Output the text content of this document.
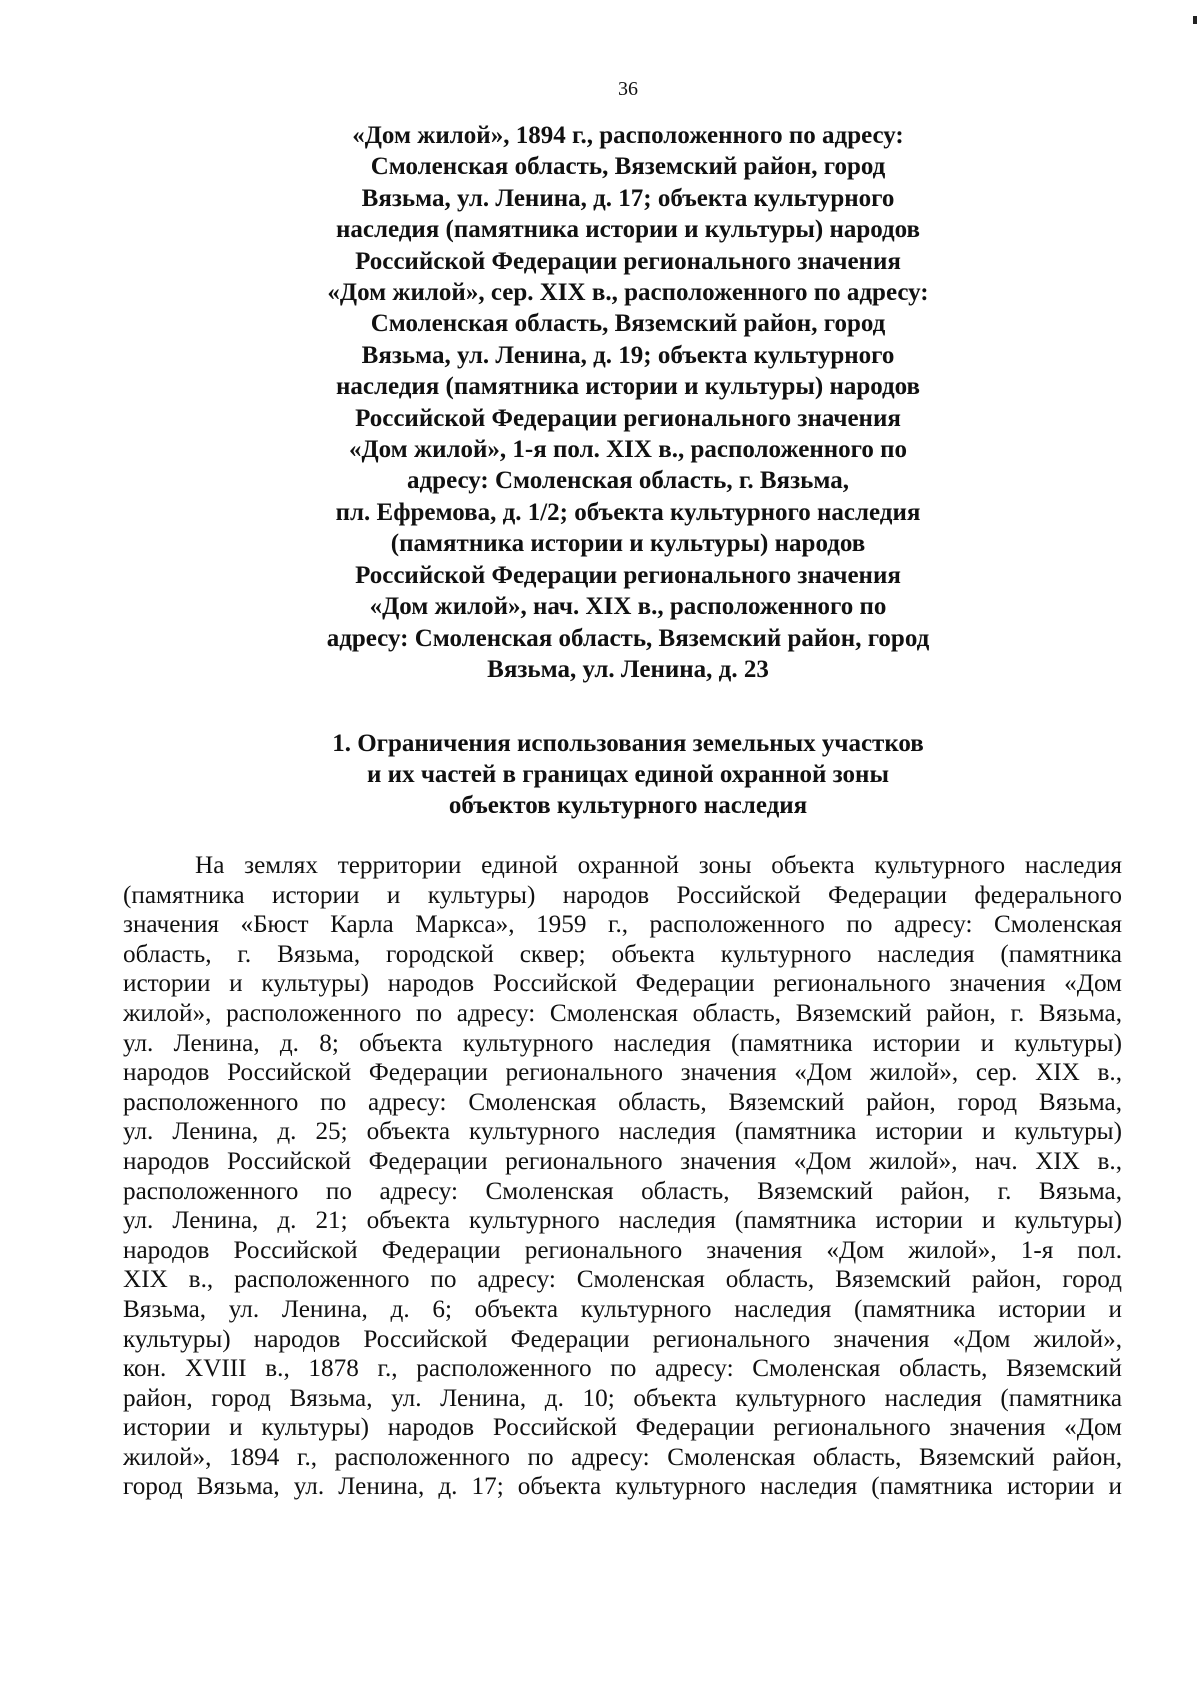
36
«Дом жилой», 1894 г., расположенного по адресу:
Смоленская область, Вяземский район, город
Вязьма, ул. Ленина, д. 17; объекта культурного
наследия (памятника истории и культуры) народов
Российской Федерации регионального значения
«Дом жилой», сер. XIX в., расположенного по адресу:
Смоленская область, Вяземский район, город
Вязьма, ул. Ленина, д. 19; объекта культурного
наследия (памятника истории и культуры) народов
Российской Федерации регионального значения
«Дом жилой», 1-я пол. XIX в., расположенного по
адресу: Смоленская область, г. Вязьма,
пл. Ефремова, д. 1/2; объекта культурного наследия
(памятника истории и культуры) народов
Российской Федерации регионального значения
«Дом жилой», нач. XIX в., расположенного по
адресу: Смоленская область, Вяземский район, город
Вязьма, ул. Ленина, д. 23
1. Ограничения использования земельных участков
и их частей в границах единой охранной зоны
объектов культурного наследия
На землях территории единой охранной зоны объекта культурного наследия
(памятника истории и культуры) народов Российской Федерации федерального
значения «Бюст Карла Маркса», 1959 г., расположенного по адресу: Смоленская
область, г. Вязьма, городской сквер; объекта культурного наследия (памятника
истории и культуры) народов Российской Федерации регионального значения «Дом
жилой», расположенного по адресу: Смоленская область, Вяземский район, г. Вязьма,
ул. Ленина, д. 8; объекта культурного наследия (памятника истории и культуры)
народов Российской Федерации регионального значения «Дом жилой», сер. XIX в.,
расположенного по адресу: Смоленская область, Вяземский район, город Вязьма,
ул. Ленина, д. 25; объекта культурного наследия (памятника истории и культуры)
народов Российской Федерации регионального значения «Дом жилой», нач. XIX в.,
расположенного по адресу: Смоленская область, Вяземский район, г. Вязьма,
ул. Ленина, д. 21; объекта культурного наследия (памятника истории и культуры)
народов Российской Федерации регионального значения «Дом жилой», 1-я пол.
XIX в., расположенного по адресу: Смоленская область, Вяземский район, город
Вязьма, ул. Ленина, д. 6; объекта культурного наследия (памятника истории и
культуры) народов Российской Федерации регионального значения «Дом жилой»,
кон. XVIII в., 1878 г., расположенного по адресу: Смоленская область, Вяземский
район, город Вязьма, ул. Ленина, д. 10; объекта культурного наследия (памятника
истории и культуры) народов Российской Федерации регионального значения «Дом
жилой», 1894 г., расположенного по адресу: Смоленская область, Вяземский район,
город Вязьма, ул. Ленина, д. 17; объекта культурного наследия (памятника истории и
